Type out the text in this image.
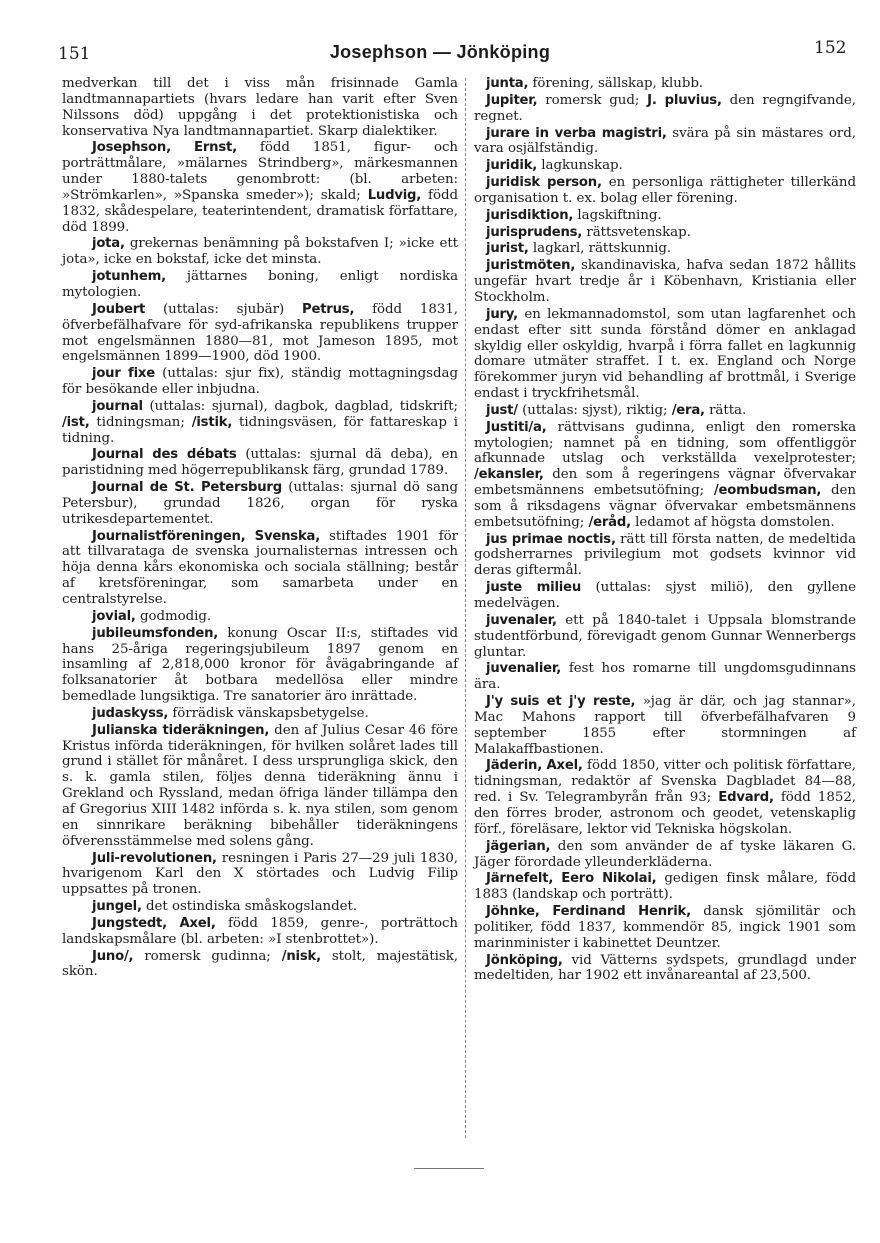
151	Josephson — Jönköping	152

medverkan till det i viss mån frisinnade Gamla landtmannapartiets (hvars ledare han varit efter Sven Nilssons död) uppgång i det protektionistiska och konservativa Nya landtmannapartiet. Skarp dialektiker.

Josephson, Ernst, född 1851, figur- och porträttmålare, »mälarnes Strindberg», märkesmannen under 1880-talets genombrott: (bl. arbeten: »Strömkarlen», »Spanska smeder»); skald; Ludvig, född 1832, skådespelare, teaterintendent, dramatisk författare, död 1899.

jota, grekernas benämning på bokstafven I; »icke ett jota», icke en bokstaf, icke det minsta.

jotunhem, jättarnes boning, enligt nordiska mytologien.

Joubert (uttalas: sjubär) Petrus, född 1831, öfverbefälhafvare för syd-afrikanska republikens trupper mot engelsmännen 1880—81, mot Jameson 1895, mot engelsmännen 1899—1900, död 1900.

jour fixe (uttalas: sjur fix), ständig mottagningsdag för besökande eller inbjudna.

journal (uttalas: sjurnal), dagbok, dagblad, tidskrift; /ist, tidningsman; /istik, tidningsväsen, för fattareskap i tidning.

Journal des débats (uttalas: sjurnal dä deba), en paristidning med högerrepublikansk färg, grundad 1789.

Journal de St. Petersburg (uttalas: sjurnal dö sang Petersbur), grundad 1826, organ för ryska utrikesdepartementet.

Journalistföreningen, Svenska, stiftades 1901 för att tillvarataga de svenska journalisternas intressen och höja denna kårs ekonomiska och sociala ställning; består af kretsföreningar, som samarbeta under en centralstyrelse.

jovial, godmodig.

jubileumsfonden, konung Oscar II:s, stiftades vid hans 25-åriga regeringsjubileum 1897 genom en insamling af 2,818,000 kronor för åvägabringande af folksanatorier åt botbara medellösa eller mindre bemedlade lungsiktiga. Tre sanatorier äro inrättade.

judaskyss, förrädisk vänskapsbetygelse.

Julianska tideräkningen, den af Julius Cesar 46 före Kristus införda tideräkningen, för hvilken solåret lades till grund i stället för månåret. I dess ursprungliga skick, den s. k. gamla stilen, följes denna tideräkning ännu i Grekland och Ryssland, medan öfriga länder tillämpa den af Gregorius XIII 1482 införda s. k. nya stilen, som genom en sinnrikare beräkning bibehåller tideräkningens öfverensstämmelse med solens gång.

Juli-revolutionen, resningen i Paris 27—29 juli 1830, hvarigenom Karl den X störtades och Ludvig Filip uppsattes på tronen.

jungel, det ostindiska småskogslandet.

Jungstedt, Axel, född 1859, genre-, porträttoch landskapsmålare (bl. arbeten: »I stenbrottet»).

Juno/, romersk gudinna; /nisk, stolt, majestätisk, skön.

junta, förening, sällskap, klubb.

Jupiter, romersk gud; J. pluvius, den regngifvande, regnet.

jurare in verba magistri, svära på sin mästares ord, vara osjälfständig.

juridik, lagkunskap.

juridisk person, en personliga rättigheter tillerkänd organisation t. ex. bolag eller förening.

jurisdiktion, lagskiftning.

jurisprudens, rättsvetenskap.

jurist, lagkarl, rättskunnig.

juristmöten, skandinaviska, hafva sedan 1872 hållits ungefär hvart tredje år i Köbenhavn, Kristiania eller Stockholm.

jury, en lekmannadomstol, som utan lagfarenhet och endast efter sitt sunda förstånd dömer en anklagad skyldig eller oskyldig, hvarpå i förra fallet en lagkunnig domare utmäter straffet. I t. ex. England och Norge förekommer juryn vid behandling af brottmål, i Sverige endast i tryckfrihetsmål.

just/ (uttalas: sjyst), riktig; /era, rätta.

Justiti/a, rättvisans gudinna, enligt den romerska mytologien; namnet på en tidning, som offentliggör afkunnade utslag och verkställda vexelprotester; /ekansler, den som å regeringens vägnar öfvervakar embetsmännens embetsutöfning; /eombudsman, den som å riksdagens vägnar öfvervakar embetsmännens embetsutöfning; /eråd, ledamot af högsta domstolen.

jus primae noctis, rätt till första natten, de medeltida godsherrarnes privilegium mot godsets kvinnor vid deras giftermål.

juste milieu (uttalas: sjyst miliö), den gyllene medelvägen.

juvenaler, ett på 1840-talet i Uppsala blomstrande studentförbund, förevigadt genom Gunnar Wennerbergs gluntar.

juvenalier, fest hos romarne till ungdomsgudinnans ära.

J'y suis et j'y reste, »jag är där, och jag stannar», Mac Mahons rapport till öfverbefälhafvaren 9 september 1855 efter stormningen af Malakaffbastionen.

Jäderin, Axel, född 1850, vitter och politisk författare, tidningsman, redaktör af Svenska Dagbladet 84—88, red. i Sv. Telegrambyrån från 93; Edvard, född 1852, den förres broder, astronom och geodet, vetenskaplig förf., föreläsare, lektor vid Tekniska högskolan.

jägerian, den som använder de af tyske läkaren G. Jäger förordade ylleunderkläderna.

Järnefelt, Eero Nikolai, gedigen finsk målare, född 1883 (landskap och porträtt).

Jöhnke, Ferdinand Henrik, dansk sjömilitär och politiker, född 1837, kommendör 85, ingick 1901 som marinminister i kabinettet Deuntzer.

Jönköping, vid Vätterns sydspets, grundlagd under medeltiden, har 1902 ett invånareantal af 23,500.
